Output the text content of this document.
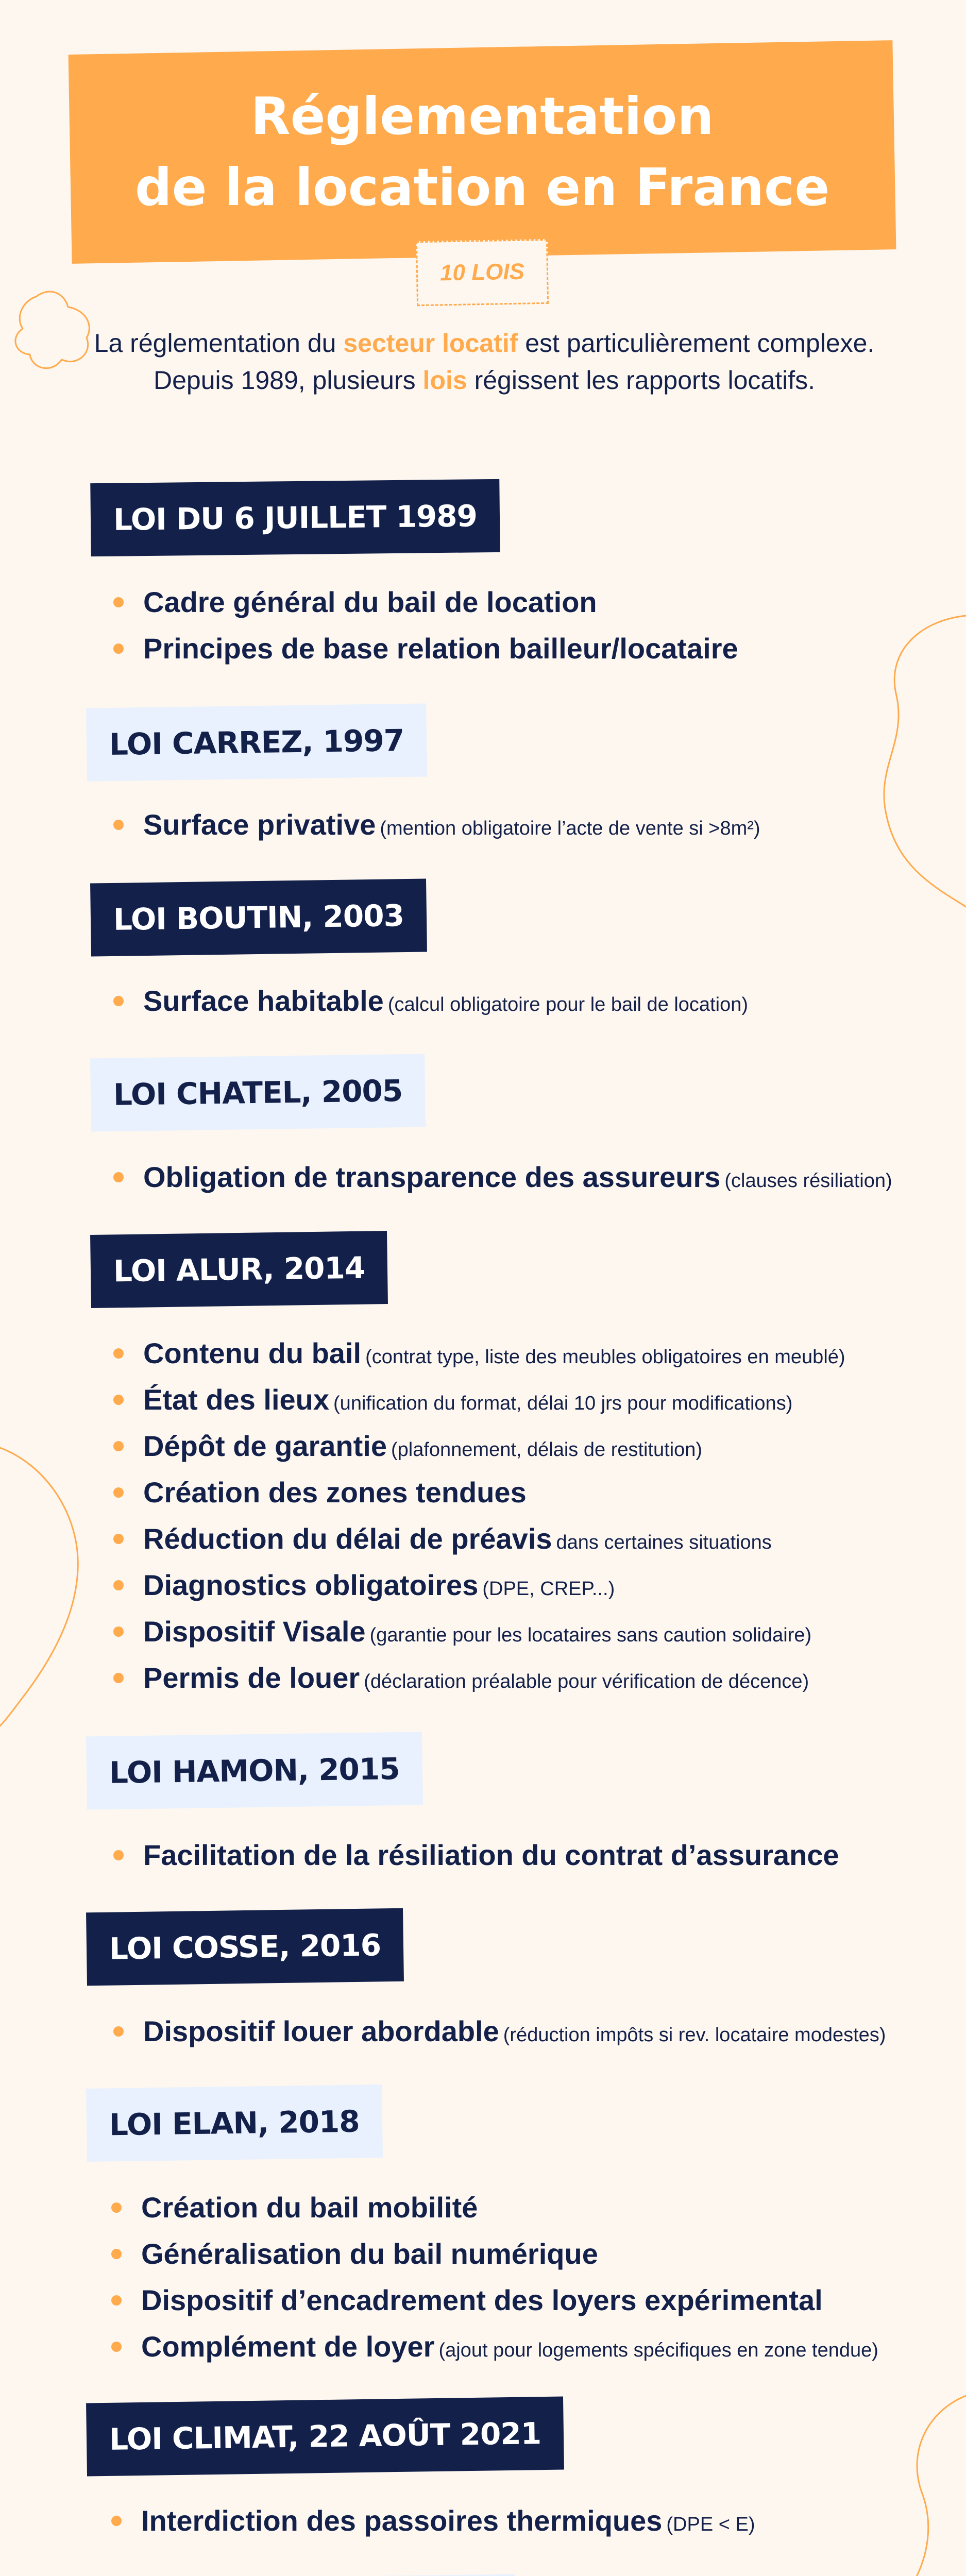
Réglementation
de la location en France
10 LOIS
La réglementation du secteur locatif est particulièrement complexe. Depuis 1989, plusieurs lois régissent les rapports locatifs.
LOI DU 6 JUILLET 1989
Cadre général du bail de location
Principes de base relation bailleur/locataire
LOI CARREZ, 1997
Surface privative (mention obligatoire l’acte de vente si >8m²)
LOI BOUTIN, 2003
Surface habitable (calcul obligatoire pour le bail de location)
LOI CHATEL, 2005
Obligation de transparence des assureurs (clauses résiliation)
LOI ALUR, 2014
Contenu du bail (contrat type, liste des meubles obligatoires en meublé)
État des lieux (unification du format, délai 10 jrs pour modifications)
Dépôt de garantie (plafonnement, délais de restitution)
Création des zones tendues
Réduction du délai de préavis dans certaines situations
Diagnostics obligatoires (DPE, CREP...)
Dispositif Visale (garantie pour les locataires sans caution solidaire)
Permis de louer (déclaration préalable pour vérification de décence)
LOI HAMON, 2015
Facilitation de la résiliation du contrat d’assurance
LOI COSSE, 2016
Dispositif louer abordable (réduction impôts si rev. locataire modestes)
LOI ELAN, 2018
Création du bail mobilité
Généralisation du bail numérique
Dispositif d’encadrement des loyers expérimental
Complément de loyer (ajout pour logements spécifiques en zone tendue)
LOI CLIMAT, 22 AOÛT 2021
Interdiction des passoires thermiques (DPE < E)
